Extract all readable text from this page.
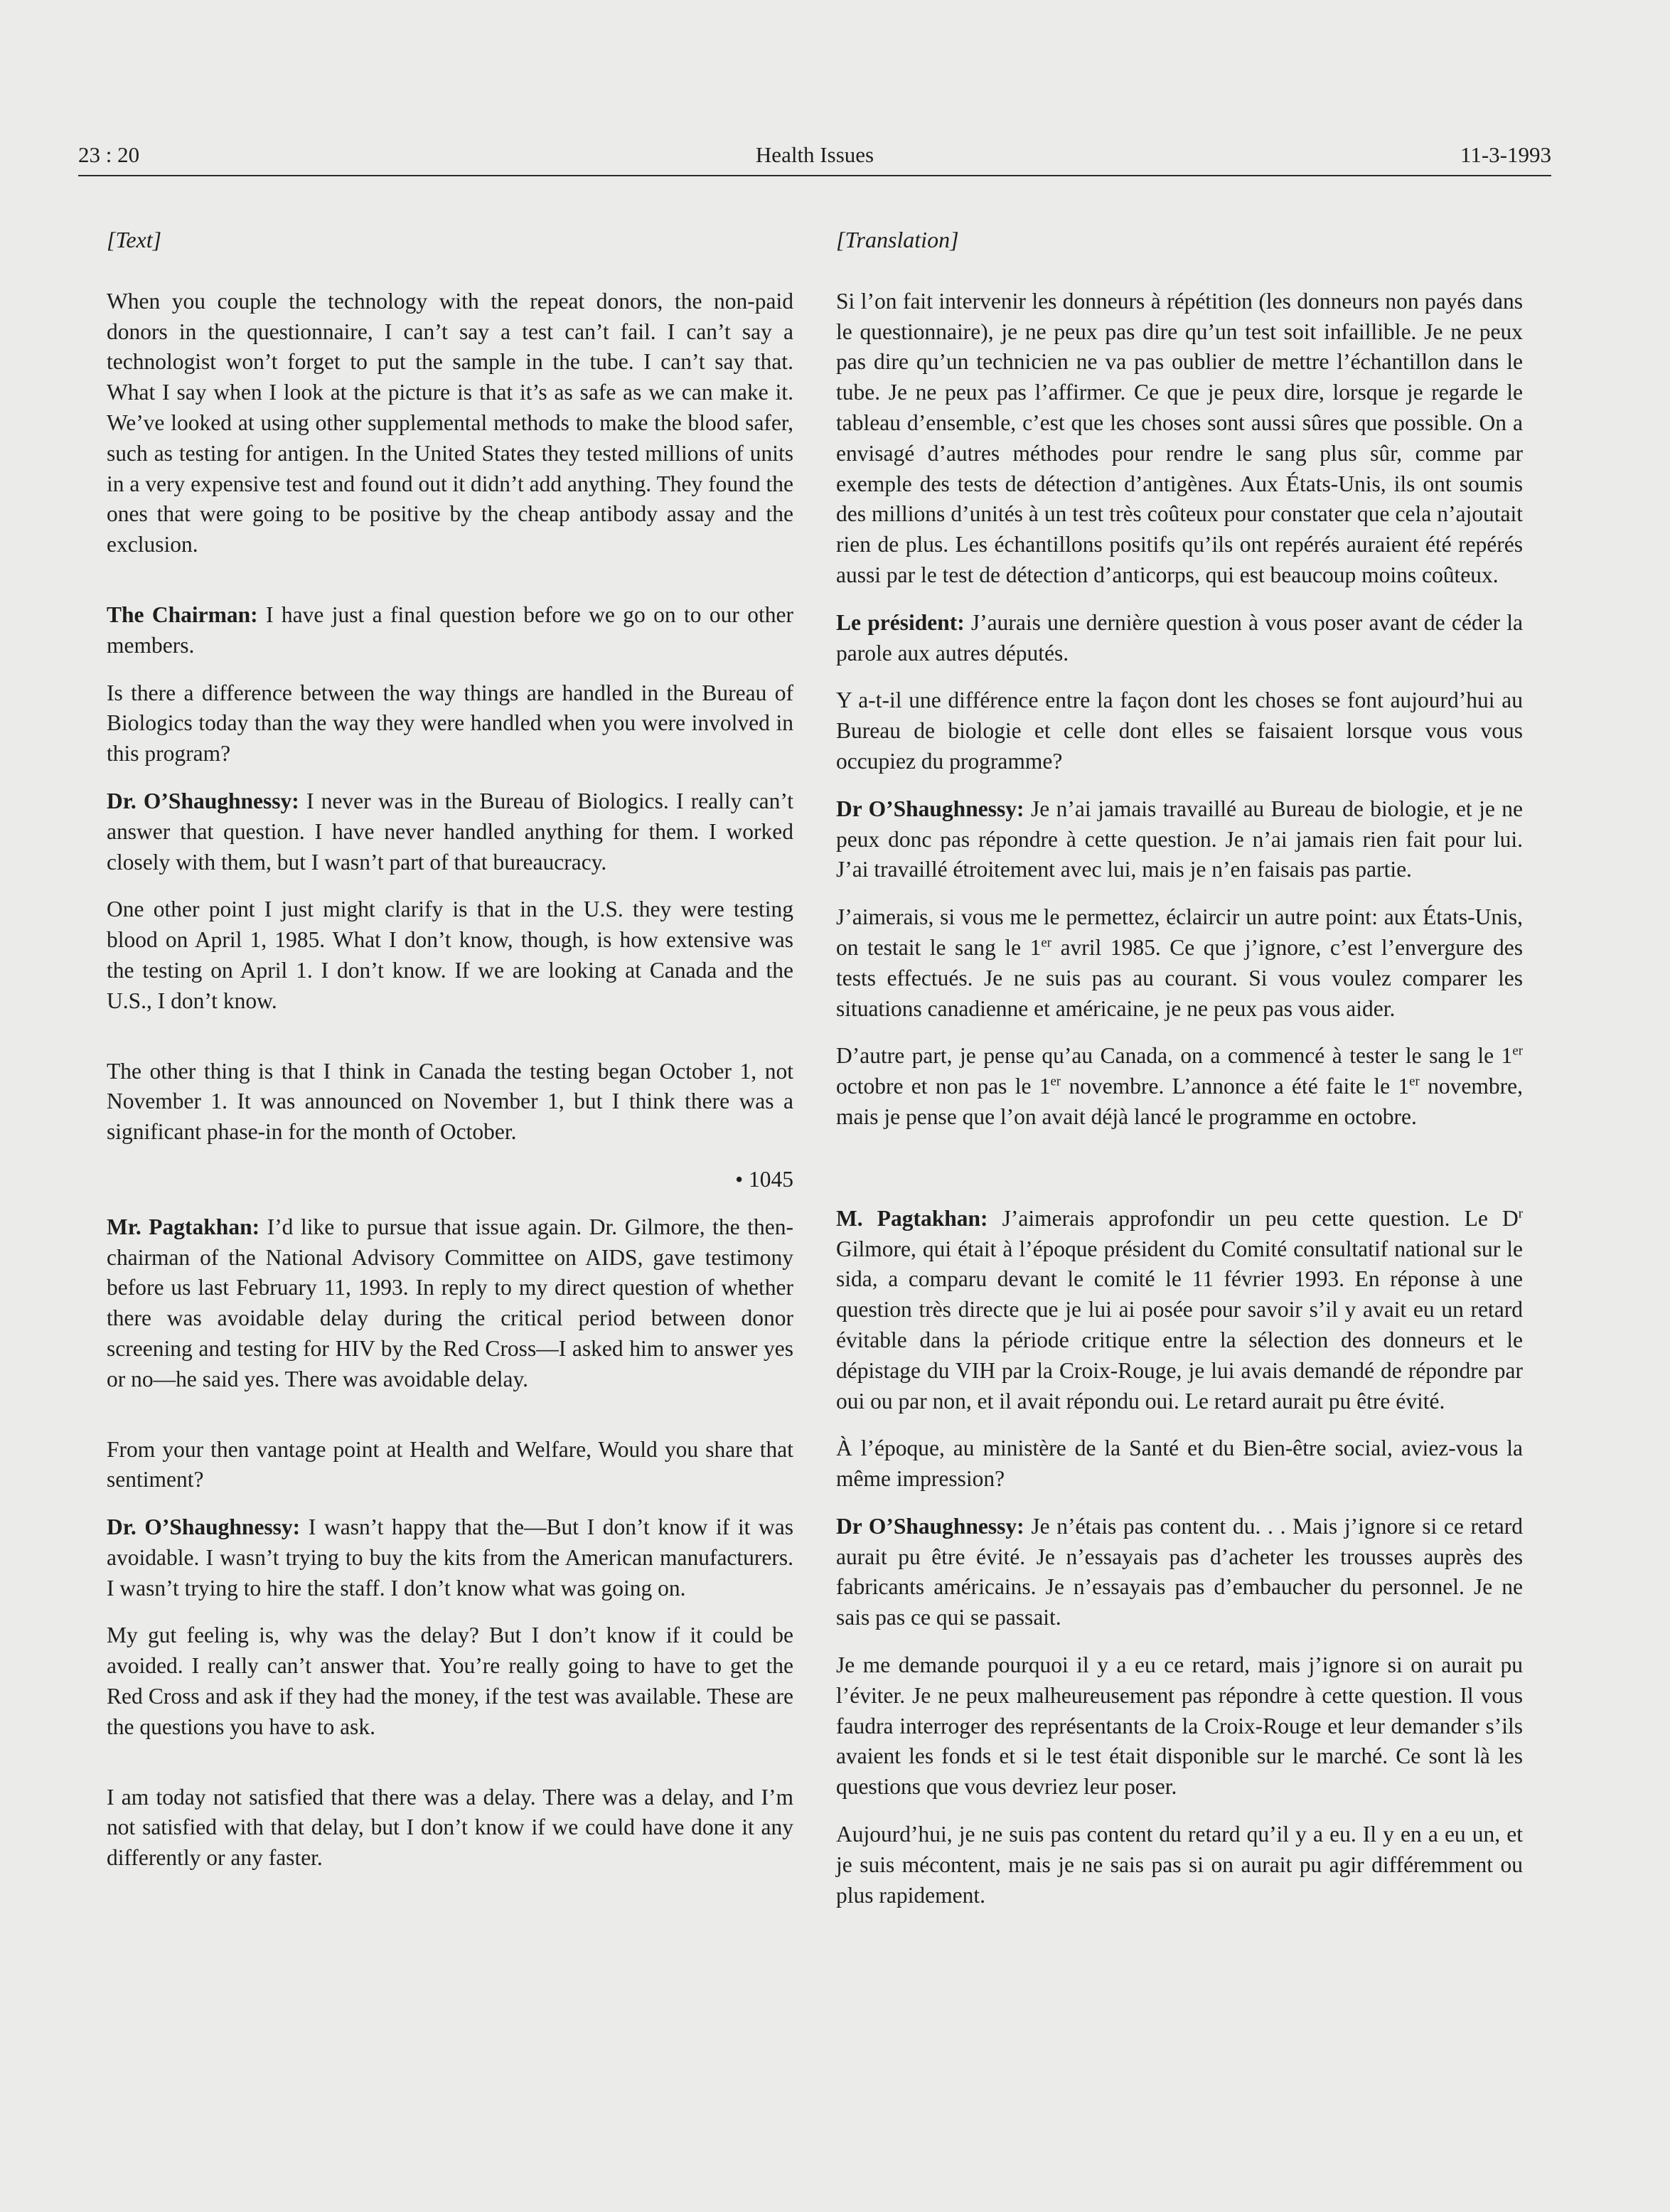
23 : 20	Health Issues	11-3-1993

[Text]

When you couple the technology with the repeat donors, the non-paid donors in the questionnaire, I can’t say a test can’t fail. I can’t say a technologist won’t forget to put the sample in the tube. I can’t say that. What I say when I look at the picture is that it’s as safe as we can make it. We’ve looked at using other supplemental methods to make the blood safer, such as testing for antigen. In the United States they tested millions of units in a very expensive test and found out it didn’t add anything. They found the ones that were going to be positive by the cheap antibody assay and the exclusion.

The Chairman: I have just a final question before we go on to our other members.

Is there a difference between the way things are handled in the Bureau of Biologics today than the way they were handled when you were involved in this program?

Dr. O’Shaughnessy: I never was in the Bureau of Biologics. I really can’t answer that question. I have never handled anything for them. I worked closely with them, but I wasn’t part of that bureaucracy.

One other point I just might clarify is that in the U.S. they were testing blood on April 1, 1985. What I don’t know, though, is how extensive was the testing on April 1. I don’t know. If we are looking at Canada and the U.S., I don’t know.

The other thing is that I think in Canada the testing began October 1, not November 1. It was announced on November 1, but I think there was a significant phase-in for the month of October.

• 1045

Mr. Pagtakhan: I’d like to pursue that issue again. Dr. Gilmore, the then-chairman of the National Advisory Committee on AIDS, gave testimony before us last February 11, 1993. In reply to my direct question of whether there was avoidable delay during the critical period between donor screening and testing for HIV by the Red Cross—I asked him to answer yes or no—he said yes. There was avoidable delay.

From your then vantage point at Health and Welfare, Would you share that sentiment?

Dr. O’Shaughnessy: I wasn’t happy that the—But I don’t know if it was avoidable. I wasn’t trying to buy the kits from the American manufacturers. I wasn’t trying to hire the staff. I don’t know what was going on.

My gut feeling is, why was the delay? But I don’t know if it could be avoided. I really can’t answer that. You’re really going to have to get the Red Cross and ask if they had the money, if the test was available. These are the questions you have to ask.

I am today not satisfied that there was a delay. There was a delay, and I’m not satisfied with that delay, but I don’t know if we could have done it any differently or any faster.

[Translation]

Si l’on fait intervenir les donneurs à répétition (les donneurs non payés dans le questionnaire), je ne peux pas dire qu’un test soit infaillible. Je ne peux pas dire qu’un technicien ne va pas oublier de mettre l’échantillon dans le tube. Je ne peux pas l’affirmer. Ce que je peux dire, lorsque je regarde le tableau d’ensemble, c’est que les choses sont aussi sûres que possible. On a envisagé d’autres méthodes pour rendre le sang plus sûr, comme par exemple des tests de détection d’antigènes. Aux États-Unis, ils ont soumis des millions d’unités à un test très coûteux pour constater que cela n’ajoutait rien de plus. Les échantillons positifs qu’ils ont repérés auraient été repérés aussi par le test de détection d’anticorps, qui est beaucoup moins coûteux.

Le président: J’aurais une dernière question à vous poser avant de céder la parole aux autres députés.

Y a-t-il une différence entre la façon dont les choses se font aujourd’hui au Bureau de biologie et celle dont elles se faisaient lorsque vous vous occupiez du programme?

Dr O’Shaughnessy: Je n’ai jamais travaillé au Bureau de biologie, et je ne peux donc pas répondre à cette question. Je n’ai jamais rien fait pour lui. J’ai travaillé étroitement avec lui, mais je n’en faisais pas partie.

J’aimerais, si vous me le permettez, éclaircir un autre point: aux États-Unis, on testait le sang le 1er avril 1985. Ce que j’ignore, c’est l’envergure des tests effectués. Je ne suis pas au courant. Si vous voulez comparer les situations canadienne et américaine, je ne peux pas vous aider.

D’autre part, je pense qu’au Canada, on a commencé à tester le sang le 1er octobre et non pas le 1er novembre. L’annonce a été faite le 1er novembre, mais je pense que l’on avait déjà lancé le programme en octobre.

M. Pagtakhan: J’aimerais approfondir un peu cette question. Le $D^r$ Gilmore, qui était à l’époque président du Comité consultatif national sur le sida, a comparu devant le comité le 11 février 1993. En réponse à une question très directe que je lui ai posée pour savoir s’il y avait eu un retard évitable dans la période critique entre la sélection des donneurs et le dépistage du VIH par la Croix-Rouge, je lui avais demandé de répondre par oui ou par non, et il avait répondu oui. Le retard aurait pu être évité.

À l’époque, au ministère de la Santé et du Bien-être social, aviez-vous la même impression?

Dr O’Shaughnessy: Je n’étais pas content du. . . Mais j’ignore si ce retard aurait pu être évité. Je n’essayais pas d’acheter les trousses auprès des fabricants américains. Je n’essayais pas d’embaucher du personnel. Je ne sais pas ce qui se passait.

Je me demande pourquoi il y a eu ce retard, mais j’ignore si on aurait pu l’éviter. Je ne peux malheureusement pas répondre à cette question. Il vous faudra interroger des représentants de la Croix-Rouge et leur demander s’ils avaient les fonds et si le test était disponible sur le marché. Ce sont là les questions que vous devriez leur poser.

Aujourd’hui, je ne suis pas content du retard qu’il y a eu. Il y en a eu un, et je suis mécontent, mais je ne sais pas si on aurait pu agir différemment ou plus rapidement.
